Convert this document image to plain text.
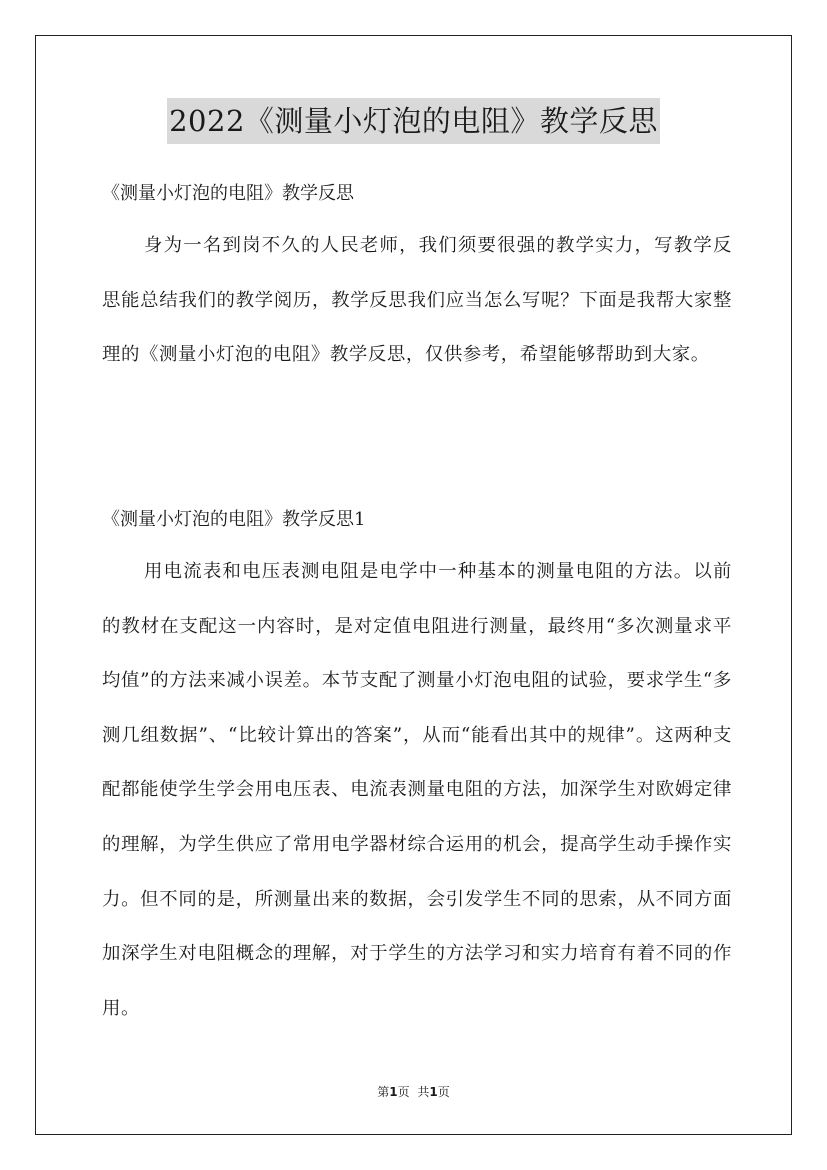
2022《测量小灯泡的电阻》教学反思
《测量小灯泡的电阻》教学反思

身为一名到岗不久的人民老师，我们须要很强的教学实力，写教学反思能总结我们的教学阅历，教学反思我们应当怎么写呢？下面是我帮大家整理的《测量小灯泡的电阻》教学反思，仅供参考，希望能够帮助到大家。

《测量小灯泡的电阻》教学反思1

用电流表和电压表测电阻是电学中一种基本的测量电阻的方法。以前的教材在支配这一内容时，是对定值电阻进行测量，最终用“多次测量求平均值”的方法来减小误差。本节支配了测量小灯泡电阻的试验，要求学生“多测几组数据”、“比较计算出的答案”，从而“能看出其中的规律”。这两种支配都能使学生学会用电压表、电流表测量电阻的方法，加深学生对欧姆定律的理解，为学生供应了常用电学器材综合运用的机会，提高学生动手操作实力。但不同的是，所测量出来的数据，会引发学生不同的思索，从不同方面加深学生对电阻概念的理解，对于学生的方法学习和实力培育有着不同的作用。

第1页 共1页
